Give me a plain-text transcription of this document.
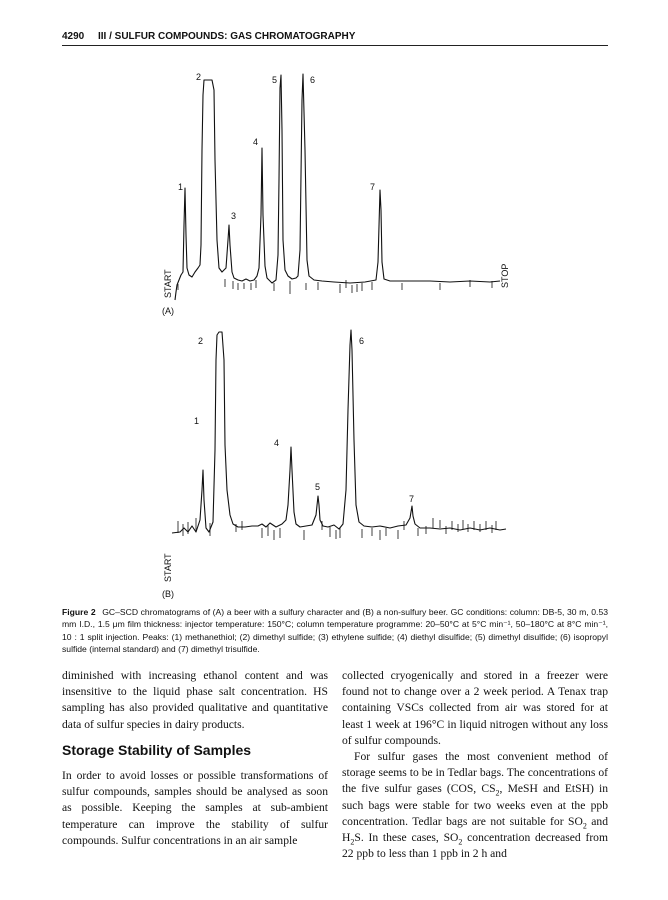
4290 III / SULFUR COMPOUNDS: GAS CHROMATOGRAPHY
2	5	6
4
1	7
3
START	STOP
(A)
2	6
1
4
5
7
START
(B)
Figure 2 GC–SCD chromatograms of (A) a beer with a sulfury character and (B) a non-sulfury beer. GC conditions: column: DB-5, 30 m, 0.53 mm I.D., 1.5 μm film thickness: injector temperature: 150°C; column temperature programme: 20–50°C at 5°C min⁻¹, 50–180°C at 8°C min⁻¹, 10 : 1 split injection. Peaks: (1) methanethiol; (2) dimethyl sulfide; (3) ethylene sulfide; (4) diethyl disulfide; (5) dimethyl disulfide; (6) isopropyl sulfide (internal standard) and (7) dimethyl trisulfide.

diminished with increasing ethanol content and was insensitive to the liquid phase salt concentration. HS sampling has also provided qualitative and quantitative data of sulfur species in dairy products.

Storage Stability of Samples

In order to avoid losses or possible transformations of sulfur compounds, samples should be analysed as soon as possible. Keeping the samples at sub-ambient temperature can improve the stability of sulfur compounds. Sulfur concentrations in an air sample

collected cryogenically and stored in a freezer were found not to change over a 2 week period. A Tenax trap containing VSCs collected from air was stored for at least 1 week at 196°C in liquid nitrogen without any loss of sulfur compounds.

For sulfur gases the most convenient method of storage seems to be in Tedlar bags. The concentrations of the five sulfur gases (COS, $CS_2$, MeSH and EtSH) in such bags were stable for two weeks even at the ppb concentration. Tedlar bags are not suitable for $SO_2$ and $H_2S$. In these cases, $SO_2$ concentration decreased from 22 ppb to less than 1 ppb in 2 h and
